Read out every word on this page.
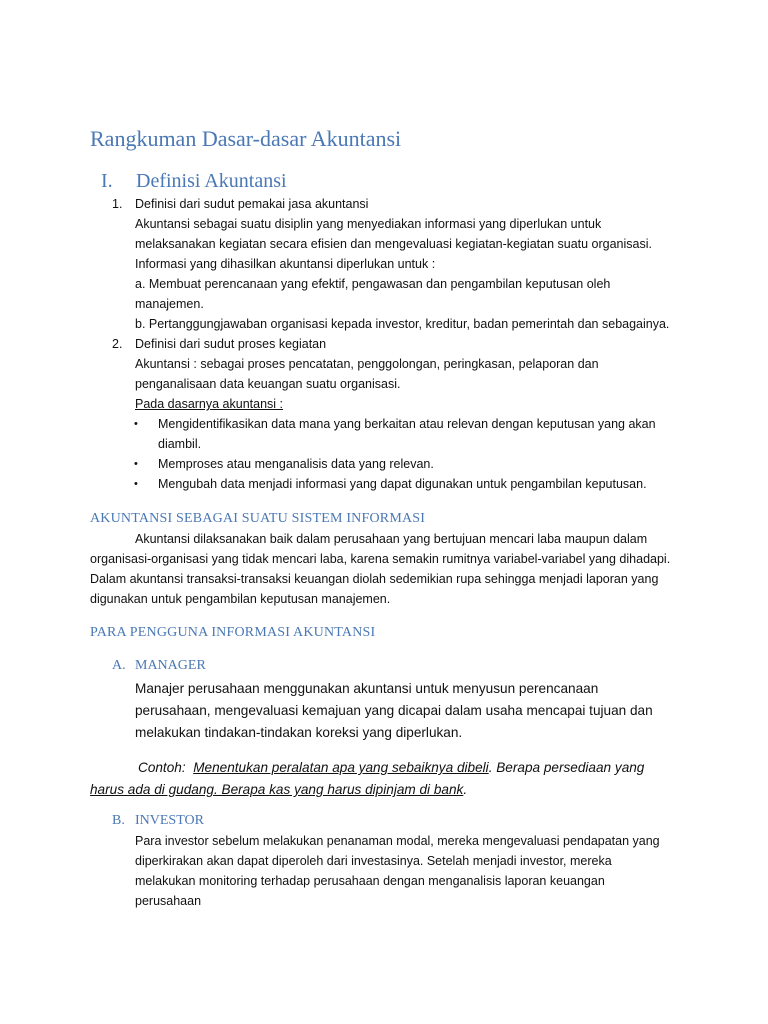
Rangkuman Dasar-dasar Akuntansi
I. Definisi Akuntansi
1. Definisi dari sudut pemakai jasa akuntansi
Akuntansi sebagai suatu disiplin yang menyediakan informasi yang diperlukan untuk
melaksanakan kegiatan secara efisien dan mengevaluasi kegiatan-kegiatan suatu organisasi.
Informasi yang dihasilkan akuntansi diperlukan untuk :
a. Membuat perencanaan yang efektif, pengawasan dan pengambilan keputusan oleh
manajemen.
b. Pertanggungjawaban organisasi kepada investor, kreditur, badan pemerintah dan sebagainya.
2. Definisi dari sudut proses kegiatan
Akuntansi : sebagai proses pencatatan, penggolongan, peringkasan, pelaporan dan
penganalisaan data keuangan suatu organisasi.
Pada dasarnya akuntansi :
• Mengidentifikasikan data mana yang berkaitan atau relevan dengan keputusan yang akan
diambil.
• Memproses atau menganalisis data yang relevan.
• Mengubah data menjadi informasi yang dapat digunakan untuk pengambilan keputusan.
AKUNTANSI SEBAGAI SUATU SISTEM INFORMASI
Akuntansi dilaksanakan baik dalam perusahaan yang bertujuan mencari laba maupun dalam
organisasi-organisasi yang tidak mencari laba, karena semakin rumitnya variabel-variabel yang dihadapi.
Dalam akuntansi transaksi-transaksi keuangan diolah sedemikian rupa sehingga menjadi laporan yang
digunakan untuk pengambilan keputusan manajemen.
PARA PENGGUNA INFORMASI AKUNTANSI
A. MANAGER
Manajer perusahaan menggunakan akuntansi untuk menyusun perencanaan
perusahaan, mengevaluasi kemajuan yang dicapai dalam usaha mencapai tujuan dan
melakukan tindakan-tindakan koreksi yang diperlukan.
Contoh: Menentukan peralatan apa yang sebaiknya dibeli. Berapa persediaan yang
harus ada di gudang. Berapa kas yang harus dipinjam di bank.
B. INVESTOR
Para investor sebelum melakukan penanaman modal, mereka mengevaluasi pendapatan yang
diperkirakan akan dapat diperoleh dari investasinya. Setelah menjadi investor, mereka
melakukan monitoring terhadap perusahaan dengan menganalisis laporan keuangan
perusahaan
